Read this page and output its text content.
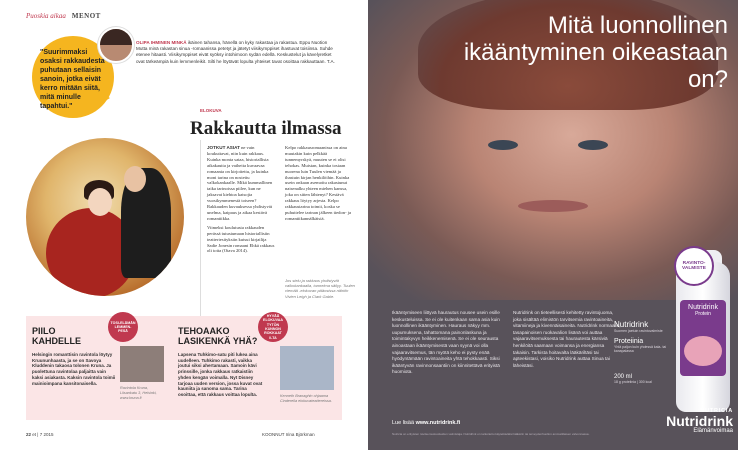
Puoskia aikaa MENOT
"Suurimmaksi osaksi rakkaudesta puhutaan sellaisin sanoin, jotka eivät kerro mitään siitä, mitä minulle tapahtui."
OLIPA IHMINEN MINKÄ ikäinen tahansa, hänellä on kyky rakastaa ja rakastua. Eppu Nuotion Mutta minä rakastan sinua -romaanissa petetyt ja jätetyt viisikymppiset ihastuvat toisiinsa. Suhde etenee hitaasti. Viisikymppiset eivät syöksy intohimoon sydän edellä. Keskustelut ja kävelyretket ovat tärkeämpiä kuin lemmenleikit. Silti he löytävät lopulta yhteiset tavat osoittaa rakkauttaan. T.A.
ELOKUVA
Rakkautta ilmassa
JOTKUT ASIAT ne vain koukuttavat, niin kuin rakkaus. Kuinka monta sataa, historiallista aikakautta ja vaiheita kuvaavaa romaania on kirjoitettu, ja kuinka moni tarina on nostettu valkokankaalle. Mikä kummallinen taika tarinoissa piilee, kun ne jaksavat kiehtoa katsojia vuosikymmenestä toiseen? Rakkauden kuvauksessa yhdistyvät unelma, kaipaus ja aikaa kestävä romantiikka.
Viimeksi koulutusta rakkauden perässä tutustumaan historiallisiin teatteriesityksiin kutsui kirjailija Sadie Jonesin romaani Ehkä rakkaus oli totta (Otava 2014).
Kelpo rakkausromaanissa on aina muutakin kuin pelkkää tunnemyrskyä, muuten se ei olisi tehokas. Muistan, kuinka tosiaan nuorena luin Tuulen viemää ja ihastuin kirjan henkilöihin. Kuinka usein onkaan asemoitu rakastunut naisenalku yhteen miehen kanssa, joka on sitten lähtenyt? Kestävä rakkaus löytyy arjesta. Kelpo rakkaustarina toimii, koska se puhuttelee tarinan jälkeen tiedon- ja romantiikannälkäisiä.
Jos sielu ja rakkaus yhdistyvät valkokankaalla, tunnelma säilyy. Tuulen viemää -elokuvan pääosissa nähtiin Vivien Leigh ja Clark Gable.
PIILO KAHDELLE
TOSI-ELÄMÄN LEMMEN-PESÄ
Helsingin romanttisin ravintola löytyy Kruununhaasta, ja se on Savoya Kluddenin takaosa tolonen Kruna. Ja puolettuna ravintolaa paljaitta vain kaksi asiakasta. Kaksin ravintola toimii mainioimpana kansitonaisella.
Ravintola Kruna, Liisankatu 3, Helsinki, www.kruna.fi
TEHOAAKO LASIKENKÄ YHÄ?
HYVÄÄ ELOKUVAA TYTÖN KUNNON ROKKAAT ILTA
Lapsena Tuhkimo-satu piti lukea aina uudelleen. Tuhkimo rakasti, vaikka joutui siksi ahertamaan. Samoin kävi prinssille, jonka rakkaus ratkaistiin yhden kengän voimalla. Nyt Disney tarjoaa uuden version, jossa kuvat ovat kauniita ja sanoma sama. Tarina osoittaa, että rakkaus voittaa lopulta.	Kenneth Branaghin ohjaama Cinderella elokuvateattereissa.
22 et | 7 2015	KOONNUT Irina Björkman
Mitä luonnollinen ikääntyminen oikeastaan on?
Ikääntymiseen liittyvä haurautus nousee usein esille keskusteluissa. Se ei ole kuitenkaan sama asia kuin luonnollinen ikääntyminen. Hauraus näkyy mm. uupumuksena, tahattomana painonlaskuna ja toimintakyvyn heikkenemisenä. Se ei ole seurausta ainoastaan ikääntymisestä vaan syynä voi olla vajaaravitsemus, tän myötä keho ei pysty enää hyödyntämään ravintoaineita yhtä tehokkaasti. Siksi ikääntyvän ravinnonsaantiin on kiinnitettävä erityistä huomiota.
Nutridrink on tieteellisesti kehitetty ravintojuoma, joka sisältää elimistön tarvitsemia ravintoaineita, vitamiineja ja kivennäisaineita. Nutridrink normaalin, tasapainoisen ruokavalion lisänä voi auttaa vajaaravitsemuksesta tai haurautesta kärsiviä henkilöitä saamaan voimansa ja energiansa takaisin. Tarkista hoitavalta lääkäriltäsi tai apteekistasi, voisiko Nutridrink auttaa Sinua tai läheistäsi.
Lue lisää www.nutridrink.fi
Nutricia on erityisten ravitsemustuotteiden valmistaja. Nutridrink on tarkoitettu käytettäväksi lääkärin tai terveydenhuollon ammattilaisen valvonnassa.
Nutridrink
Suomen jaetuin ravintovalmiste
Proteiinia
Yhtä paljon kuin yhdessä kala- tai kanapalassa
200 ml
18 g proteiinia | 300 kcal
Nutridrink
Protein
RAVINTO-VALMISTE
NUTRICIA
Nutridrink
Elämänvoimaa
